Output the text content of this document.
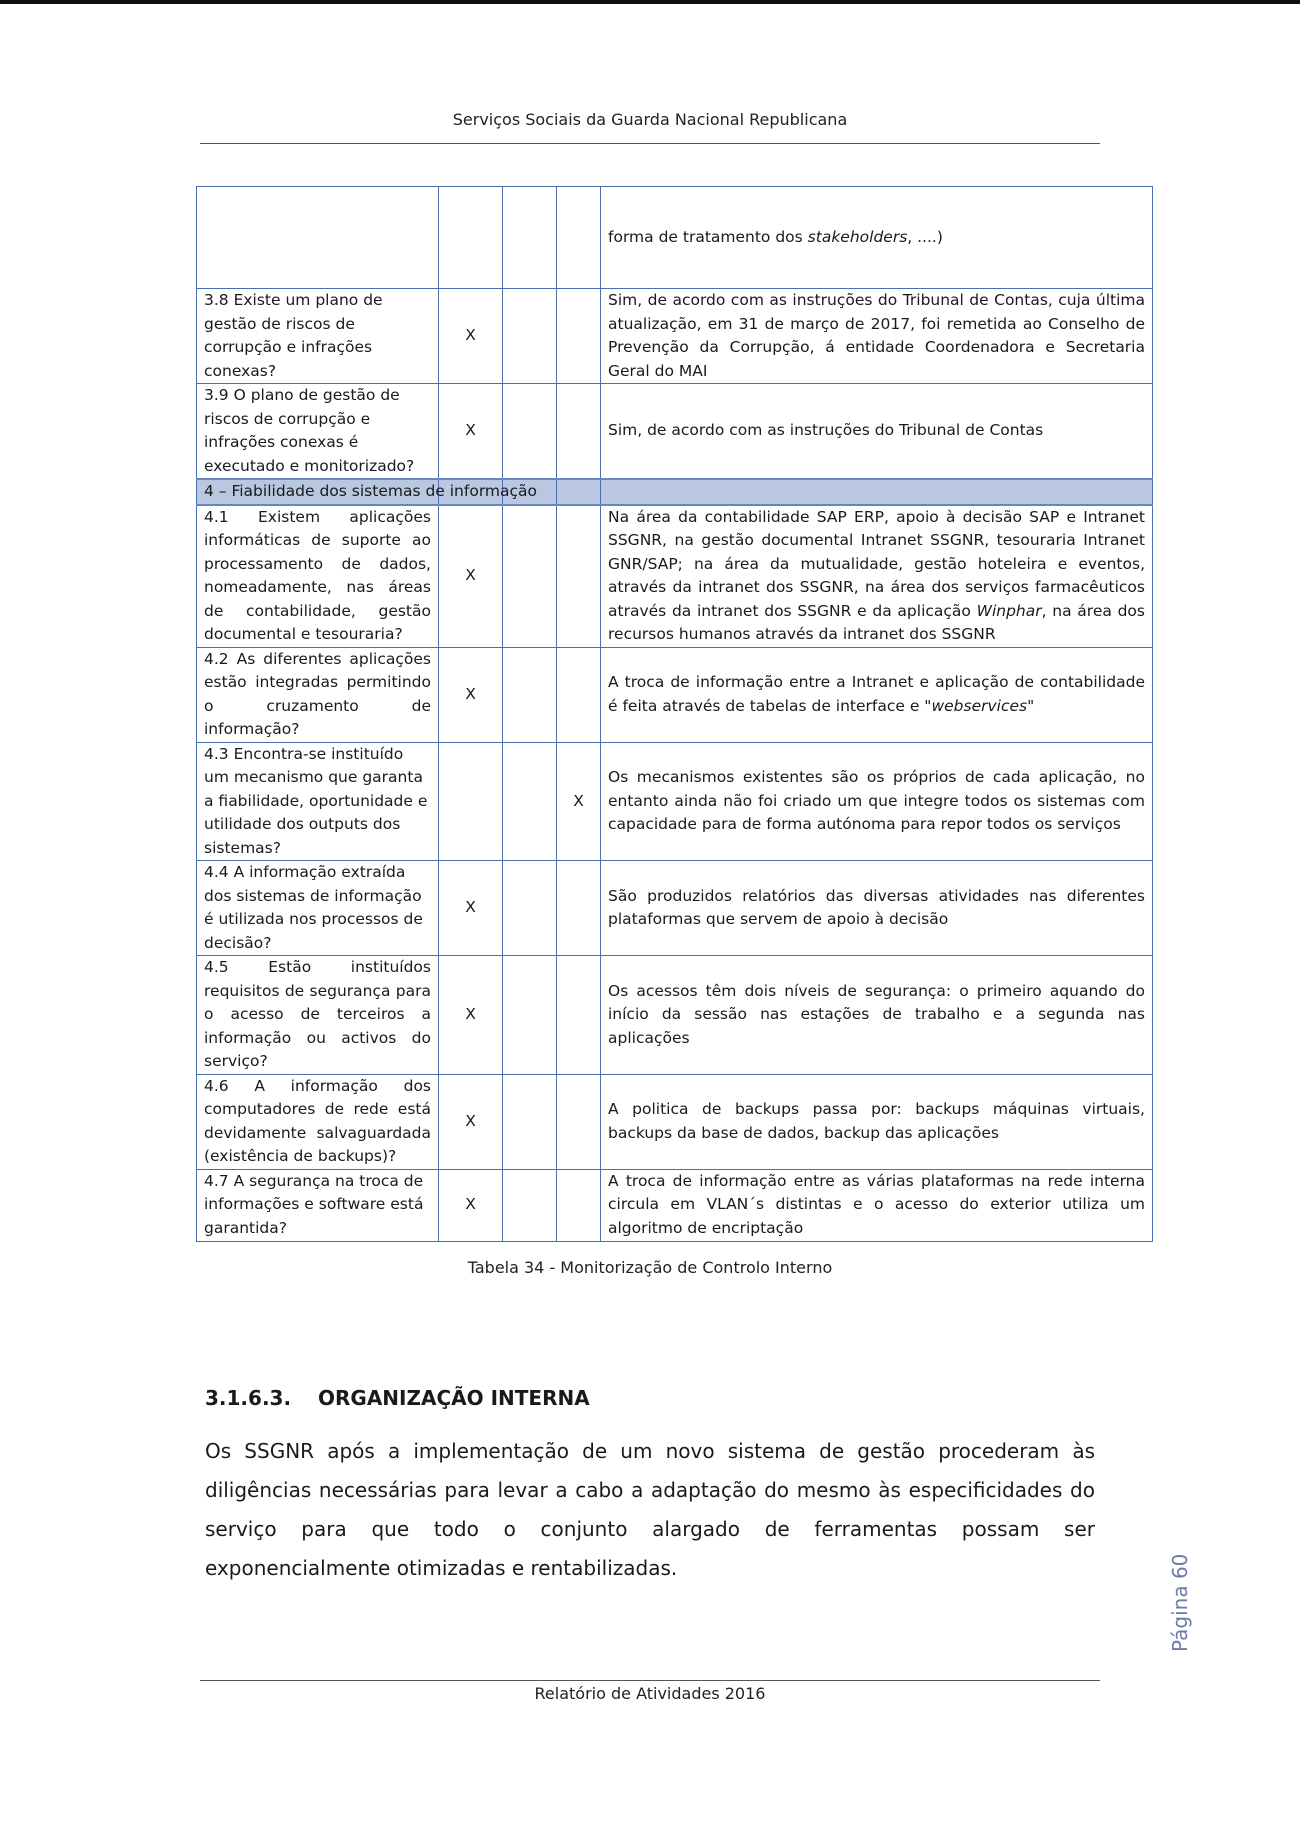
Serviços Sociais da Guarda Nacional Republicana
				forma de tratamento dos stakeholders, ....)
3.8 Existe um plano de gestão de riscos de corrupção e infrações conexas?	X			Sim, de acordo com as instruções do Tribunal de Contas, cuja última atualização, em 31 de março de 2017, foi remetida ao Conselho de Prevenção da Corrupção, á entidade Coordenadora e Secretaria Geral do MAI
3.9 O plano de gestão de riscos de corrupção e infrações conexas é executado e monitorizado?	X			Sim, de acordo com as instruções do Tribunal de Contas
4 – Fiabilidade dos sistemas de informação				
4.1 Existem aplicações informáticas de suporte ao processamento de dados, nomeadamente, nas áreas de contabilidade, gestão documental e tesouraria?	X			Na área da contabilidade SAP ERP, apoio à decisão SAP e Intranet SSGNR, na gestão documental Intranet SSGNR, tesouraria Intranet GNR/SAP; na área da mutualidade, gestão hoteleira e eventos, através da intranet dos SSGNR, na área dos serviços farmacêuticos através da intranet dos SSGNR e da aplicação Winphar, na área dos recursos humanos através da intranet dos SSGNR
4.2 As diferentes aplicações estão integradas permitindo o cruzamento de informação?	X			A troca de informação entre a Intranet e aplicação de contabilidade é feita através de tabelas de interface e "webservices"
4.3 Encontra-se instituído um mecanismo que garanta a fiabilidade, oportunidade e utilidade dos outputs dos sistemas?			X	Os mecanismos existentes são os próprios de cada aplicação, no entanto ainda não foi criado um que integre todos os sistemas com capacidade para de forma autónoma para repor todos os serviços
4.4 A informação extraída dos sistemas de informação é utilizada nos processos de decisão?	X			São produzidos relatórios das diversas atividades nas diferentes plataformas que servem de apoio à decisão
4.5 Estão instituídos requisitos de segurança para o acesso de terceiros a informação ou activos do serviço?	X			Os acessos têm dois níveis de segurança: o primeiro aquando do início da sessão nas estações de trabalho e a segunda nas aplicações
4.6 A informação dos computadores de rede está devidamente salvaguardada (existência de backups)?	X			A politica de backups passa por: backups máquinas virtuais, backups da base de dados, backup das aplicações
4.7 A segurança na troca de informações e software está garantida?	X			A troca de informação entre as várias plataformas na rede interna circula em VLAN´s distintas e o acesso do exterior utiliza um algoritmo de encriptação
Tabela 34 - Monitorização de Controlo Interno
3.1.6.3. ORGANIZAÇÃO INTERNA
Os SSGNR após a implementação de um novo sistema de gestão procederam às diligências necessárias para levar a cabo a adaptação do mesmo às especificidades do serviço para que todo o conjunto alargado de ferramentas possam ser exponencialmente otimizadas e rentabilizadas.	Página 60
Relatório de Atividades 2016
